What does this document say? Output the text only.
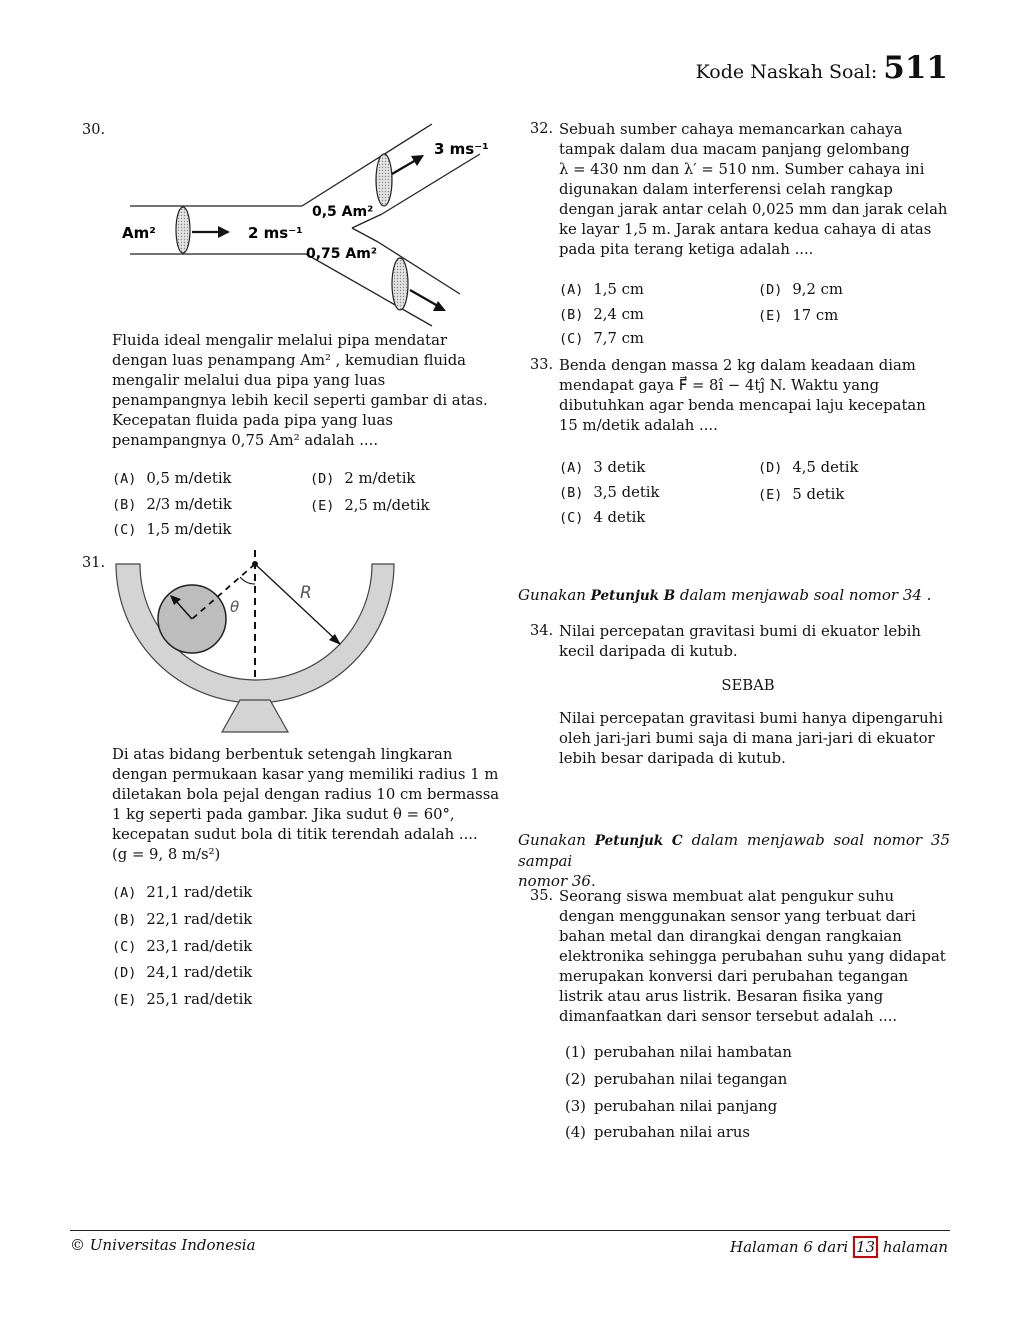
Kode Naskah Soal: 511
30.
Am²	2 ms⁻¹
0,5 Am²
0,75 Am²
3 ms⁻¹
Fluida ideal mengalir melalui pipa mendatar
dengan luas penampang Am² , kemudian fluida
mengalir melalui dua pipa yang luas
penampangnya lebih kecil seperti gambar di atas.
Kecepatan fluida pada pipa yang luas
penampangnya 0,75 Am² adalah ....
(A) 0,5 m/detik
(B) 2/3 m/detik
(C) 1,5 m/detik
(D) 2 m/detik
(E) 2,5 m/detik
31.
θ
R
Di atas bidang berbentuk setengah lingkaran
dengan permukaan kasar yang memiliki radius 1 m
diletakan bola pejal dengan radius 10 cm bermassa
1 kg seperti pada gambar. Jika sudut θ = 60°,
kecepatan sudut bola di titik terendah adalah ....
(g = 9, 8 m/s²)
(A) 21,1 rad/detik
(B) 22,1 rad/detik
(C) 23,1 rad/detik
(D) 24,1 rad/detik
(E) 25,1 rad/detik
32. Sebuah sumber cahaya memancarkan cahaya
tampak dalam dua macam panjang gelombang
λ = 430 nm dan λ′ = 510 nm. Sumber cahaya ini
digunakan dalam interferensi celah rangkap
dengan jarak antar celah 0,025 mm dan jarak celah
ke layar 1,5 m. Jarak antara kedua cahaya di atas
pada pita terang ketiga adalah ....
(A) 1,5 cm
(B) 2,4 cm
(C) 7,7 cm
(D) 9,2 cm
(E) 17 cm
33. Benda dengan massa 2 kg dalam keadaan diam
mendapat gaya F⃗ = 8î − 4tĵ N. Waktu yang
dibutuhkan agar benda mencapai laju kecepatan
15 m/detik adalah ....
(A) 3 detik
(B) 3,5 detik
(C) 4 detik
(D) 4,5 detik
(E) 5 detik
Gunakan Petunjuk B dalam menjawab soal nomor 34 .
34. Nilai percepatan gravitasi bumi di ekuator lebih
kecil daripada di kutub.
SEBAB
Nilai percepatan gravitasi bumi hanya dipengaruhi
oleh jari-jari bumi saja di mana jari-jari di ekuator
lebih besar daripada di kutub.
Gunakan Petunjuk C dalam menjawab soal nomor 35 sampai
nomor 36.
35. Seorang siswa membuat alat pengukur suhu
dengan menggunakan sensor yang terbuat dari
bahan metal dan dirangkai dengan rangkaian
elektronika sehingga perubahan suhu yang didapat
merupakan konversi dari perubahan tegangan
listrik atau arus listrik. Besaran fisika yang
dimanfaatkan dari sensor tersebut adalah ....
(1) perubahan nilai hambatan
(2) perubahan nilai tegangan
(3) perubahan nilai panjang
(4) perubahan nilai arus
© Universitas Indonesia	Halaman 6 dari 13 halaman
